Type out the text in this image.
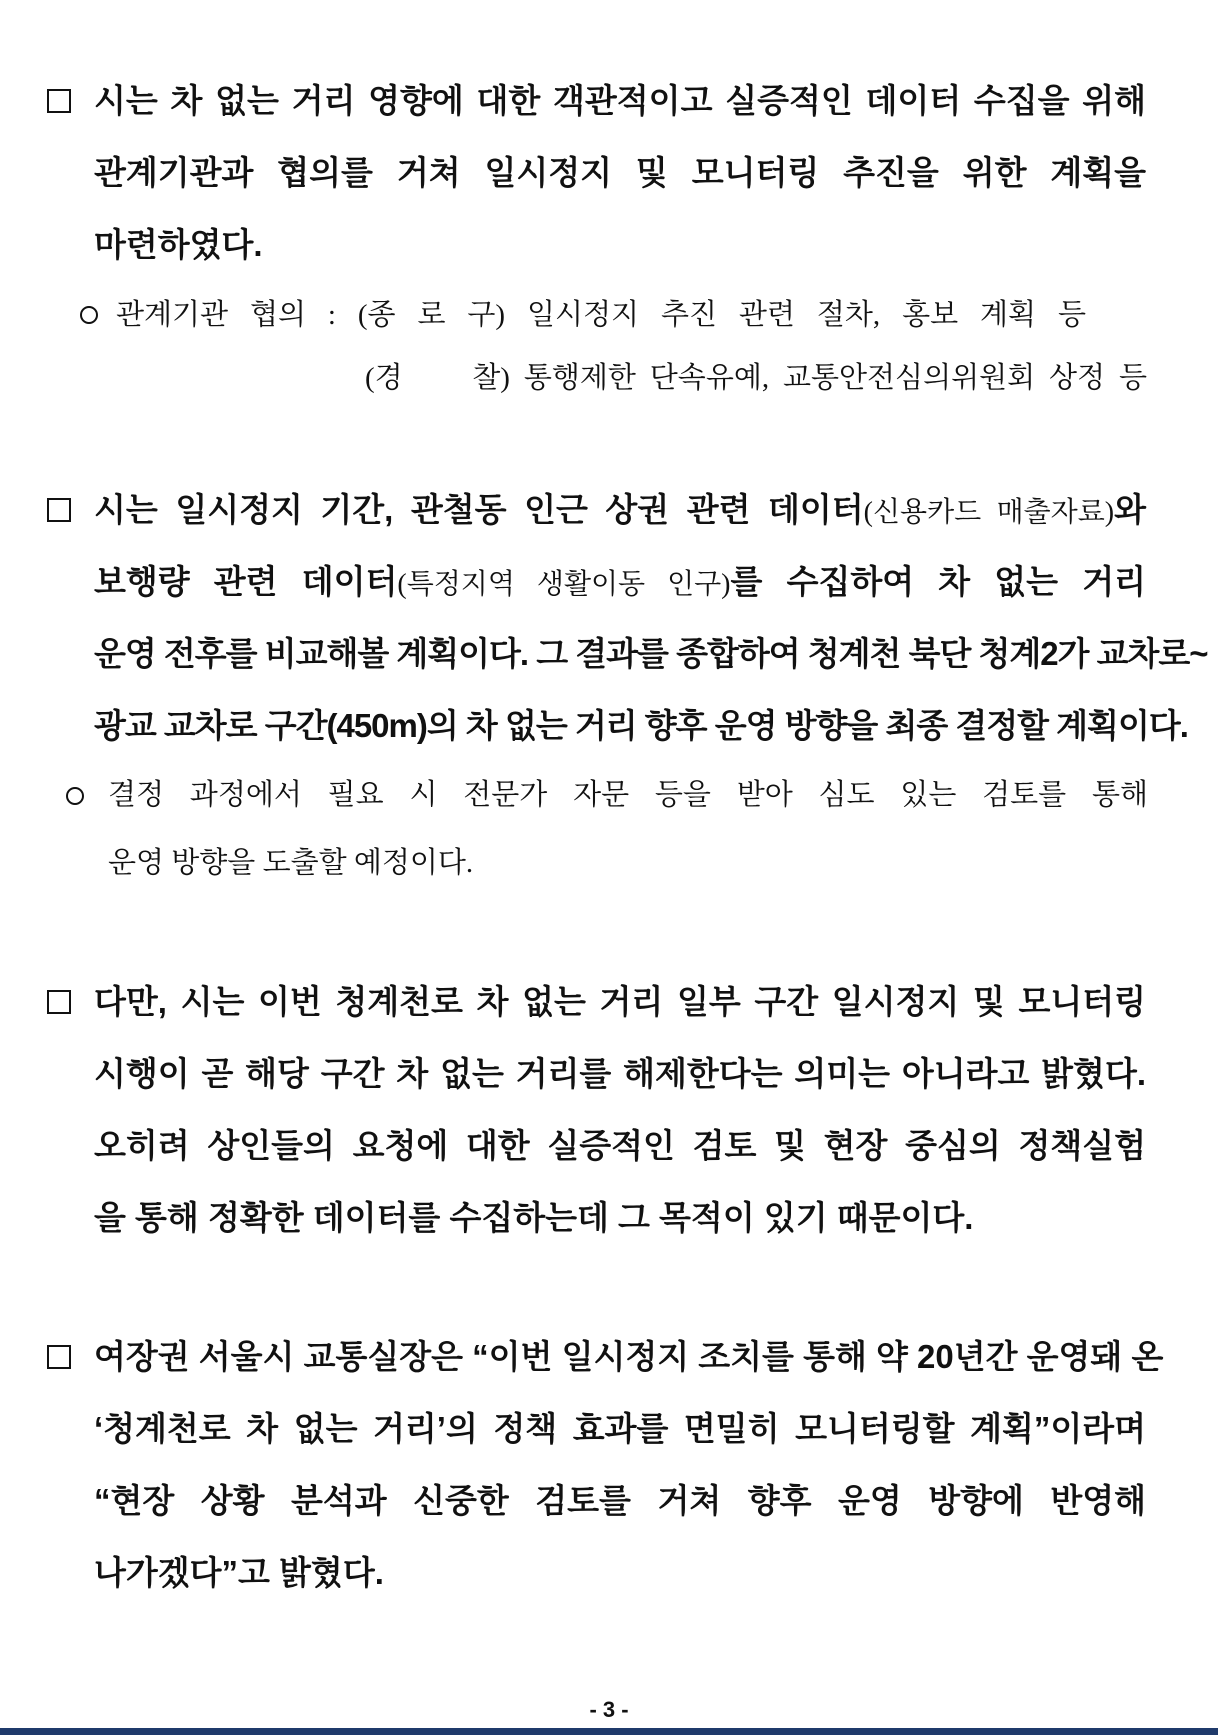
시는 차 없는 거리 영향에 대한 객관적이고 실증적인 데이터 수집을 위해
관계기관과 협의를 거쳐 일시정지 및 모니터링 추진을 위한 계획을
마련하였다.
관계기관 협의 : (종 로 구) 일시정지 추진 관련 절차, 홍보 계획 등
(경     찰) 통행제한 단속유예, 교통안전심의위원회 상정 등
시는 일시정지 기간, 관철동 인근 상권 관련 데이터(신용카드 매출자료)와
보행량 관련 데이터(특정지역 생활이동 인구)를 수집하여 차 없는 거리
운영 전후를 비교해볼 계획이다. 그 결과를 종합하여 청계천 북단 청계2가 교차로~
광교 교차로 구간(450m)의 차 없는 거리 향후 운영 방향을 최종 결정할 계획이다.
결정 과정에서 필요 시 전문가 자문 등을 받아 심도 있는 검토를 통해
운영 방향을 도출할 예정이다.
다만, 시는 이번 청계천로 차 없는 거리 일부 구간 일시정지 및 모니터링
시행이 곧 해당 구간 차 없는 거리를 해제한다는 의미는 아니라고 밝혔다.
오히려 상인들의 요청에 대한 실증적인 검토 및 현장 중심의 정책실험
을 통해 정확한 데이터를 수집하는데 그 목적이 있기 때문이다.
여장권 서울시 교통실장은 “이번 일시정지 조치를 통해 약 20년간 운영돼 온
‘청계천로 차 없는 거리’의 정책 효과를 면밀히 모니터링할 계획”이라며
“현장 상황 분석과 신중한 검토를 거쳐 향후 운영 방향에 반영해
나가겠다”고 밝혔다.
- 3 -
